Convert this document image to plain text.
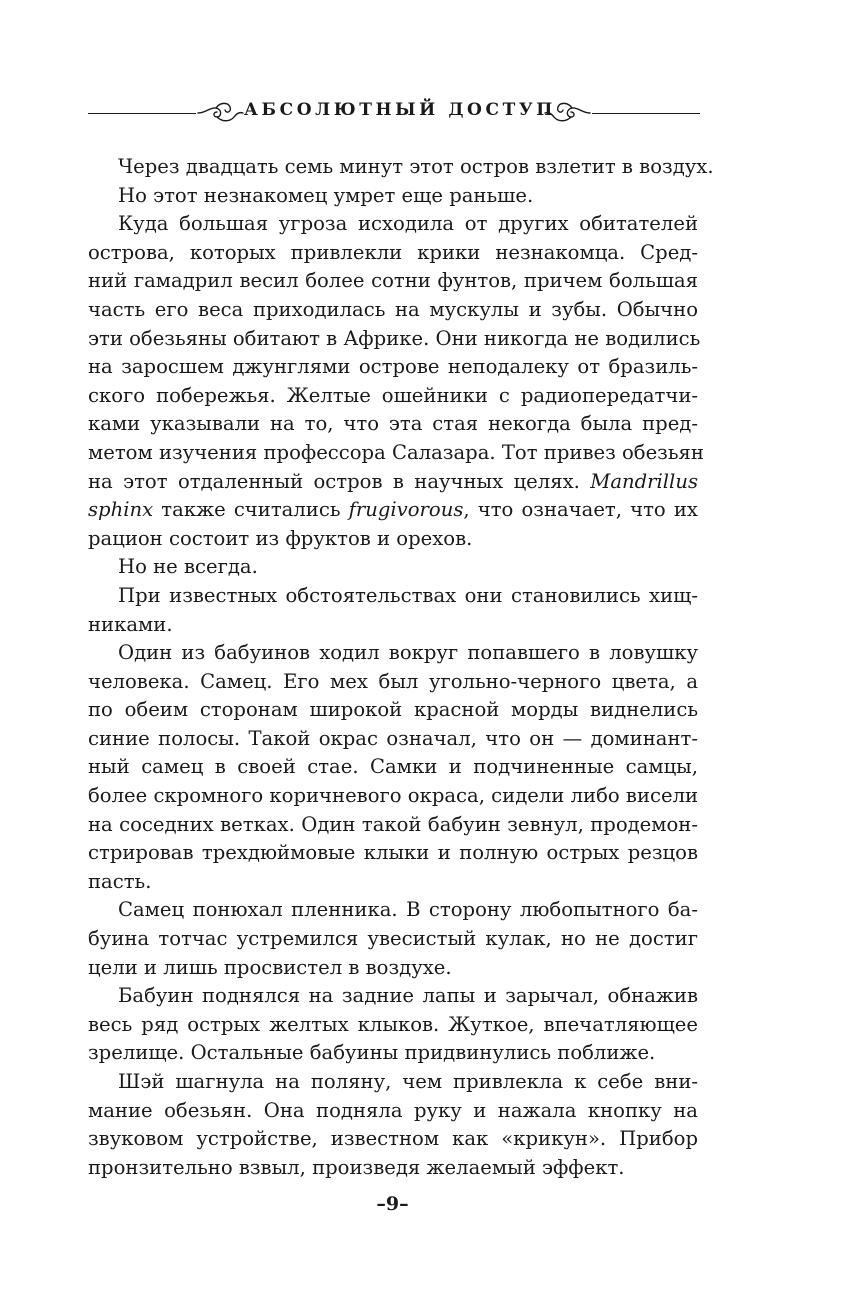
АБСОЛЮТНЫЙ ДОСТУП
Через двадцать семь минут этот остров взлетит в воздух.
Но этот незнакомец умрет еще раньше.
Куда большая угроза исходила от других обитателей
острова, которых привлекли крики незнакомца. Сред-
ний гамадрил весил более сотни фунтов, причем большая
часть его веса приходилась на мускулы и зубы. Обычно
эти обезьяны обитают в Африке. Они никогда не водились
на заросшем джунглями острове неподалеку от бразиль-
ского побережья. Желтые ошейники с радиопередатчи-
ками указывали на то, что эта стая некогда была пред-
метом изучения профессора Салазара. Тот привез обезьян
на этот отдаленный остров в научных целях. Mandrillus
sphinx также считались frugivorous, что означает, что их
рацион состоит из фруктов и орехов.
Но не всегда.
При известных обстоятельствах они становились хищ-
никами.
Один из бабуинов ходил вокруг попавшего в ловушку
человека. Самец. Его мех был угольно-черного цвета, а
по обеим сторонам широкой красной морды виднелись
синие полосы. Такой окрас означал, что он — доминант-
ный самец в своей стае. Самки и подчиненные самцы,
более скромного коричневого окраса, сидели либо висели
на соседних ветках. Один такой бабуин зевнул, продемон-
стрировав трехдюймовые клыки и полную острых резцов
пасть.
Самец понюхал пленника. В сторону любопытного ба-
буина тотчас устремился увесистый кулак, но не достиг
цели и лишь просвистел в воздухе.
Бабуин поднялся на задние лапы и зарычал, обнажив
весь ряд острых желтых клыков. Жуткое, впечатляющее
зрелище. Остальные бабуины придвинулись поближе.
Шэй шагнула на поляну, чем привлекла к себе вни-
мание обезьян. Она подняла руку и нажала кнопку на
звуковом устройстве, известном как «крикун». Прибор
пронзительно взвыл, произведя желаемый эффект.
–9–
